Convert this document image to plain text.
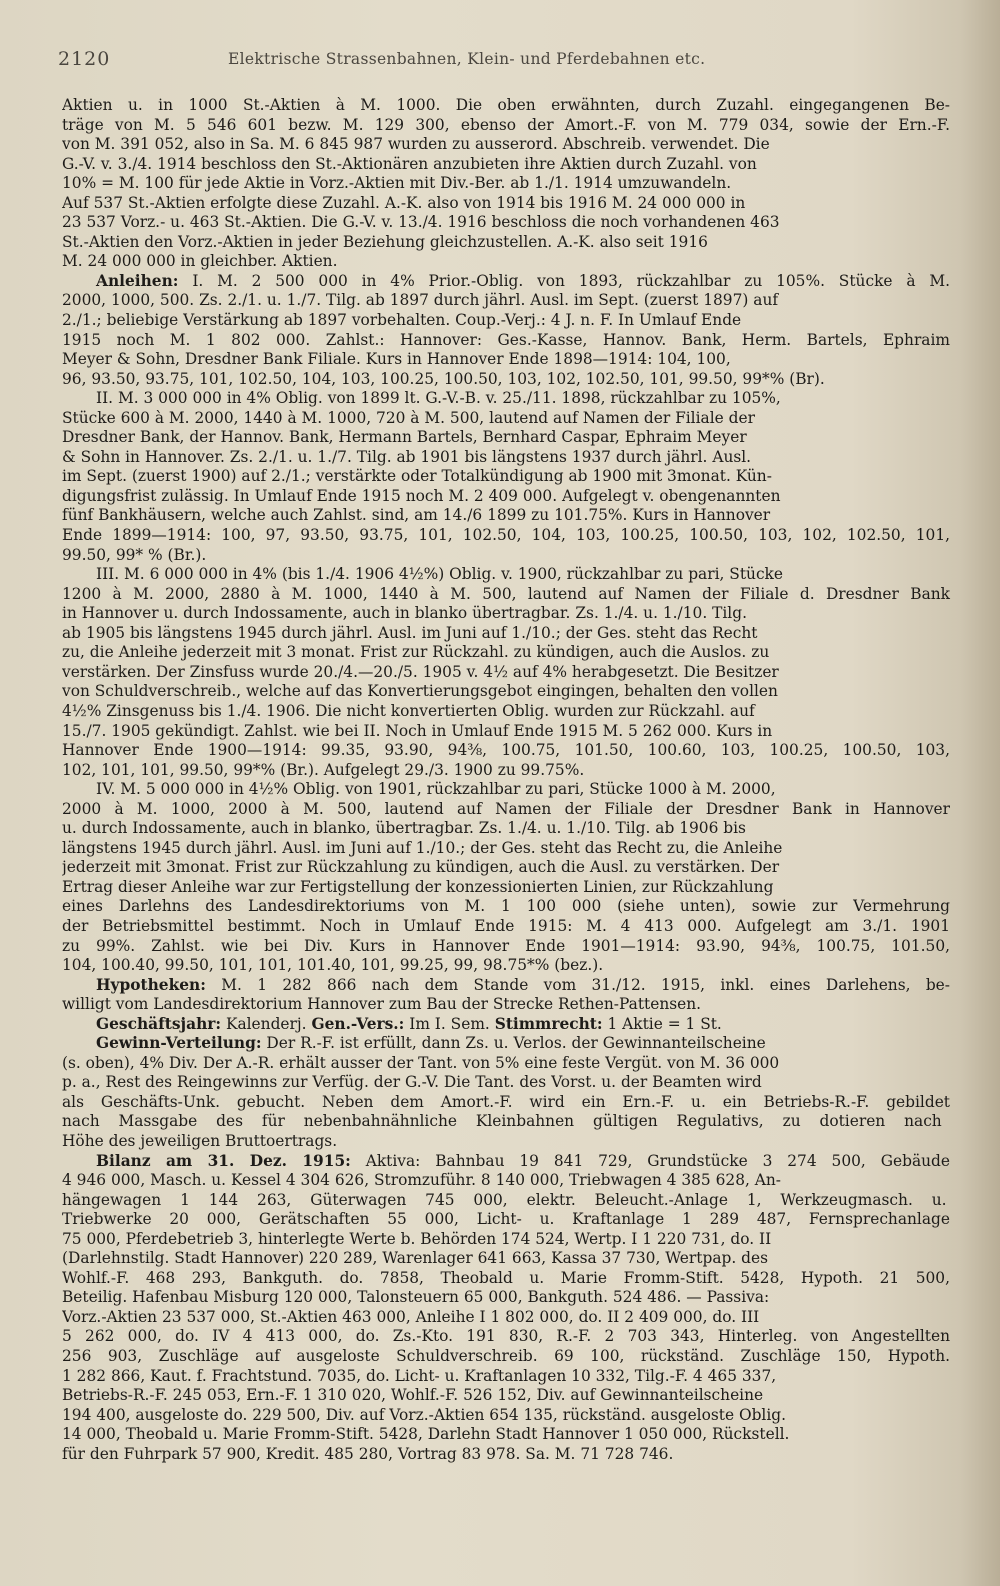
2120	Elektrische Strassenbahnen, Klein- und Pferdebahnen etc.
Aktien u. in 1000 St.-Aktien à M. 1000. Die oben erwähnten, durch Zuzahl. eingegangenen Be-
träge von M. 5 546 601 bezw. M. 129 300, ebenso der Amort.-F. von M. 779 034, sowie der Ern.-F.
von M. 391 052, also in Sa. M. 6 845 987 wurden zu ausserord. Abschreib. verwendet. Die
G.-V. v. 3./4. 1914 beschloss den St.-Aktionären anzubieten ihre Aktien durch Zuzahl. von
10% = M. 100 für jede Aktie in Vorz.-Aktien mit Div.-Ber. ab 1./1. 1914 umzuwandeln.
Auf 537 St.-Aktien erfolgte diese Zuzahl. A.-K. also von 1914 bis 1916 M. 24 000 000 in
23 537 Vorz.- u. 463 St.-Aktien. Die G.-V. v. 13./4. 1916 beschloss die noch vorhandenen 463
St.-Aktien den Vorz.-Aktien in jeder Beziehung gleichzustellen. A.-K. also seit 1916
M. 24 000 000 in gleichber. Aktien.
Anleihen: I. M. 2 500 000 in 4% Prior.-Oblig. von 1893, rückzahlbar zu 105%. Stücke à M.
2000, 1000, 500. Zs. 2./1. u. 1./7. Tilg. ab 1897 durch jährl. Ausl. im Sept. (zuerst 1897) auf
2./1.; beliebige Verstärkung ab 1897 vorbehalten. Coup.-Verj.: 4 J. n. F. In Umlauf Ende
1915 noch M. 1 802 000. Zahlst.: Hannover: Ges.-Kasse, Hannov. Bank, Herm. Bartels, Ephraim
Meyer & Sohn, Dresdner Bank Filiale. Kurs in Hannover Ende 1898—1914: 104, 100,
96, 93.50, 93.75, 101, 102.50, 104, 103, 100.25, 100.50, 103, 102, 102.50, 101, 99.50, 99*% (Br).
II. M. 3 000 000 in 4% Oblig. von 1899 lt. G.-V.-B. v. 25./11. 1898, rückzahlbar zu 105%,
Stücke 600 à M. 2000, 1440 à M. 1000, 720 à M. 500, lautend auf Namen der Filiale der
Dresdner Bank, der Hannov. Bank, Hermann Bartels, Bernhard Caspar, Ephraim Meyer
& Sohn in Hannover. Zs. 2./1. u. 1./7. Tilg. ab 1901 bis längstens 1937 durch jährl. Ausl.
im Sept. (zuerst 1900) auf 2./1.; verstärkte oder Totalkündigung ab 1900 mit 3monat. Kün-
digungsfrist zulässig. In Umlauf Ende 1915 noch M. 2 409 000. Aufgelegt v. obengenannten
fünf Bankhäusern, welche auch Zahlst. sind, am 14./6 1899 zu 101.75%. Kurs in Hannover
Ende 1899—1914: 100, 97, 93.50, 93.75, 101, 102.50, 104, 103, 100.25, 100.50, 103, 102, 102.50, 101,
99.50, 99* % (Br.).
III. M. 6 000 000 in 4% (bis 1./4. 1906 4½%) Oblig. v. 1900, rückzahlbar zu pari, Stücke
1200 à M. 2000, 2880 à M. 1000, 1440 à M. 500, lautend auf Namen der Filiale d. Dresdner Bank
in Hannover u. durch Indossamente, auch in blanko übertragbar. Zs. 1./4. u. 1./10. Tilg.
ab 1905 bis längstens 1945 durch jährl. Ausl. im Juni auf 1./10.; der Ges. steht das Recht
zu, die Anleihe jederzeit mit 3 monat. Frist zur Rückzahl. zu kündigen, auch die Auslos. zu
verstärken. Der Zinsfuss wurde 20./4.—20./5. 1905 v. 4½ auf 4% herabgesetzt. Die Besitzer
von Schuldverschreib., welche auf das Konvertierungsgebot eingingen, behalten den vollen
4½% Zinsgenuss bis 1./4. 1906. Die nicht konvertierten Oblig. wurden zur Rückzahl. auf
15./7. 1905 gekündigt. Zahlst. wie bei II. Noch in Umlauf Ende 1915 M. 5 262 000. Kurs in
Hannover Ende 1900—1914: 99.35, 93.90, 94⅜, 100.75, 101.50, 100.60, 103, 100.25, 100.50, 103,
102, 101, 101, 99.50, 99*% (Br.). Aufgelegt 29./3. 1900 zu 99.75%.
IV. M. 5 000 000 in 4½% Oblig. von 1901, rückzahlbar zu pari, Stücke 1000 à M. 2000,
2000 à M. 1000, 2000 à M. 500, lautend auf Namen der Filiale der Dresdner Bank in Hannover
u. durch Indossamente, auch in blanko, übertragbar. Zs. 1./4. u. 1./10. Tilg. ab 1906 bis
längstens 1945 durch jährl. Ausl. im Juni auf 1./10.; der Ges. steht das Recht zu, die Anleihe
jederzeit mit 3monat. Frist zur Rückzahlung zu kündigen, auch die Ausl. zu verstärken. Der
Ertrag dieser Anleihe war zur Fertigstellung der konzessionierten Linien, zur Rückzahlung
eines Darlehns des Landesdirektoriums von M. 1 100 000 (siehe unten), sowie zur Vermehrung
der Betriebsmittel bestimmt. Noch in Umlauf Ende 1915: M. 4 413 000. Aufgelegt am 3./1. 1901
zu 99%. Zahlst. wie bei Div. Kurs in Hannover Ende 1901—1914: 93.90, 94⅜, 100.75, 101.50,
104, 100.40, 99.50, 101, 101, 101.40, 101, 99.25, 99, 98.75*% (bez.).
Hypotheken: M. 1 282 866 nach dem Stande vom 31./12. 1915, inkl. eines Darlehens, be-
willigt vom Landesdirektorium Hannover zum Bau der Strecke Rethen-Pattensen.
Geschäftsjahr: Kalenderj. Gen.-Vers.: Im I. Sem. Stimmrecht: 1 Aktie = 1 St.
Gewinn-Verteilung: Der R.-F. ist erfüllt, dann Zs. u. Verlos. der Gewinnanteilscheine
(s. oben), 4% Div. Der A.-R. erhält ausser der Tant. von 5% eine feste Vergüt. von M. 36 000
p. a., Rest des Reingewinns zur Verfüg. der G.-V. Die Tant. des Vorst. u. der Beamten wird
als Geschäfts-Unk. gebucht. Neben dem Amort.-F. wird ein Ern.-F. u. ein Betriebs-R.-F. gebildet
nach Massgabe des für nebenbahnähnliche Kleinbahnen gültigen Regulativs, zu dotieren nach
Höhe des jeweiligen Bruttoertrags.
Bilanz am 31. Dez. 1915: Aktiva: Bahnbau 19 841 729, Grundstücke 3 274 500, Gebäude
4 946 000, Masch. u. Kessel 4 304 626, Stromzuführ. 8 140 000, Triebwagen 4 385 628, An-
hängewagen 1 144 263, Güterwagen 745 000, elektr. Beleucht.-Anlage 1, Werkzeugmasch. u.
Triebwerke 20 000, Gerätschaften 55 000, Licht- u. Kraftanlage 1 289 487, Fernsprechanlage
75 000, Pferdebetrieb 3, hinterlegte Werte b. Behörden 174 524, Wertp. I 1 220 731, do. II
(Darlehnstilg. Stadt Hannover) 220 289, Warenlager 641 663, Kassa 37 730, Wertpap. des
Wohlf.-F. 468 293, Bankguth. do. 7858, Theobald u. Marie Fromm-Stift. 5428, Hypoth. 21 500,
Beteilig. Hafenbau Misburg 120 000, Talonsteuern 65 000, Bankguth. 524 486. — Passiva:
Vorz.-Aktien 23 537 000, St.-Aktien 463 000, Anleihe I 1 802 000, do. II 2 409 000, do. III
5 262 000, do. IV 4 413 000, do. Zs.-Kto. 191 830, R.-F. 2 703 343, Hinterleg. von Angestellten
256 903, Zuschläge auf ausgeloste Schuldverschreib. 69 100, rückständ. Zuschläge 150, Hypoth.
1 282 866, Kaut. f. Frachtstund. 7035, do. Licht- u. Kraftanlagen 10 332, Tilg.-F. 4 465 337,
Betriebs-R.-F. 245 053, Ern.-F. 1 310 020, Wohlf.-F. 526 152, Div. auf Gewinnanteilscheine
194 400, ausgeloste do. 229 500, Div. auf Vorz.-Aktien 654 135, rückständ. ausgeloste Oblig.
14 000, Theobald u. Marie Fromm-Stift. 5428, Darlehn Stadt Hannover 1 050 000, Rückstell.
für den Fuhrpark 57 900, Kredit. 485 280, Vortrag 83 978. Sa. M. 71 728 746.
